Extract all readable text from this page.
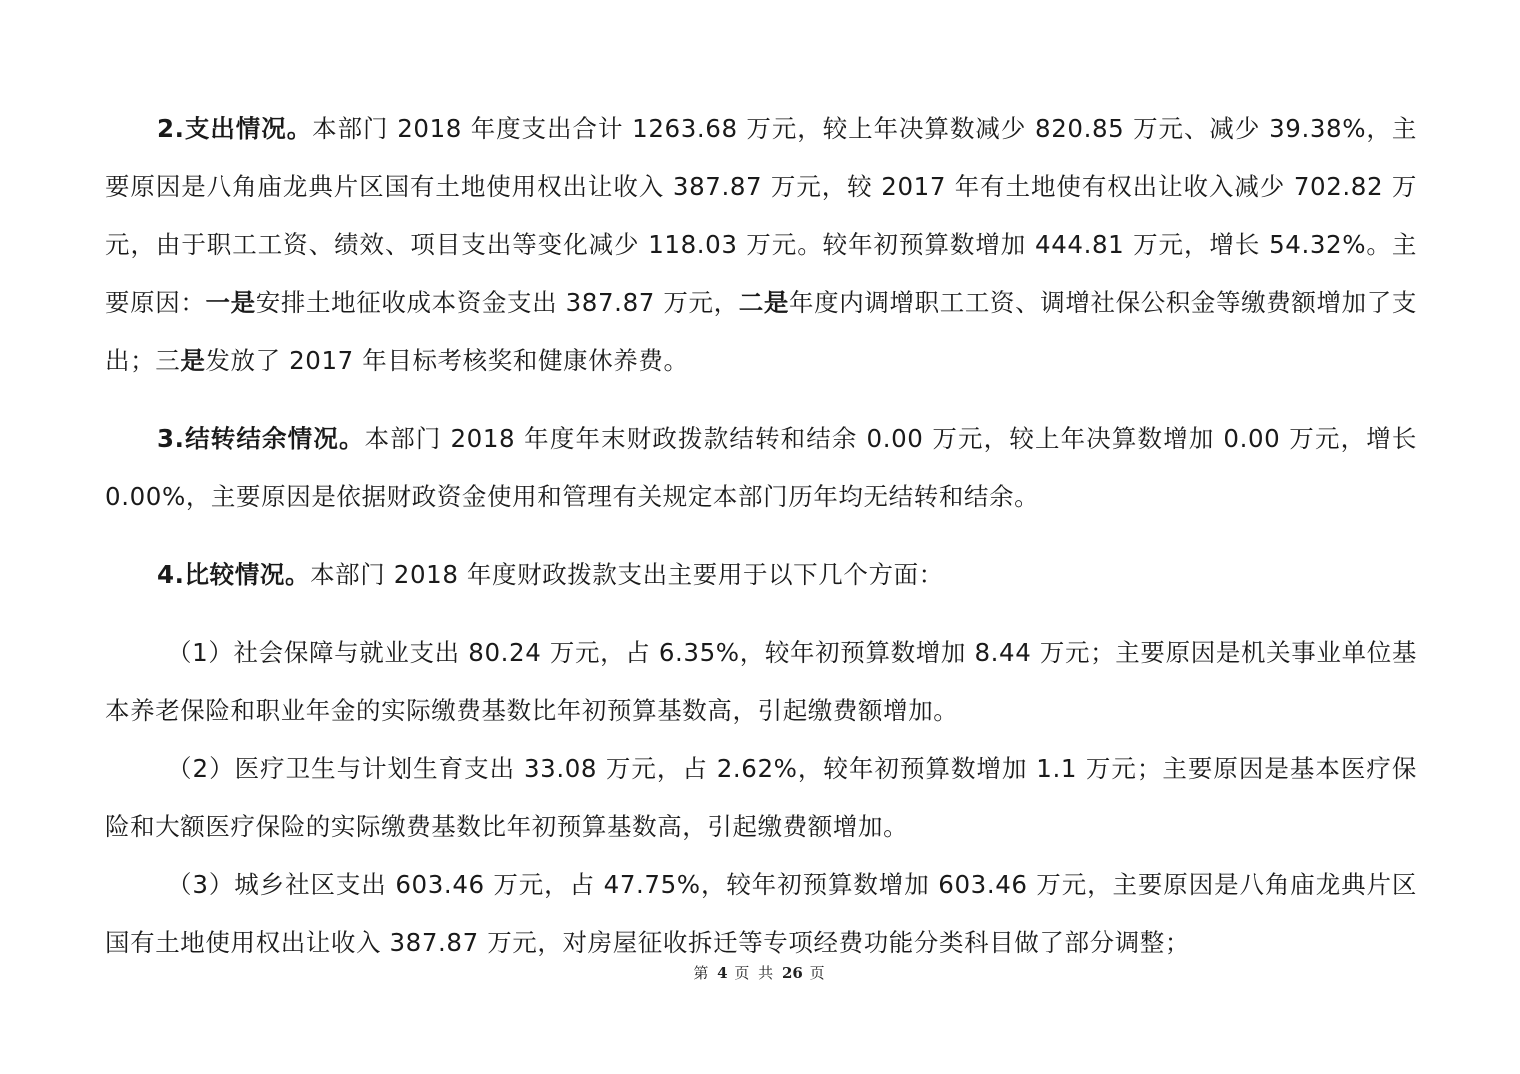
2.支出情况。本部门 2018 年度支出合计 1263.68 万元，较上年决算数减少 820.85 万元、减少 39.38%，主要原因是八角庙龙典片区国有土地使用权出让收入 387.87 万元，较 2017 年有土地使有权出让收入减少 702.82 万元，由于职工工资、绩效、项目支出等变化减少 118.03 万元。较年初预算数增加 444.81 万元，增长 54.32%。主要原因：一是安排土地征收成本资金支出 387.87 万元，二是年度内调增职工工资、调增社保公积金等缴费额增加了支出；三是发放了 2017 年目标考核奖和健康休养费。

3.结转结余情况。本部门 2018 年度年末财政拨款结转和结余 0.00 万元，较上年决算数增加 0.00 万元，增长 0.00%，主要原因是依据财政资金使用和管理有关规定本部门历年均无结转和结余。

4.比较情况。本部门 2018 年度财政拨款支出主要用于以下几个方面：

（1）社会保障与就业支出 80.24 万元，占 6.35%，较年初预算数增加 8.44 万元；主要原因是机关事业单位基本养老保险和职业年金的实际缴费基数比年初预算基数高，引起缴费额增加。

（2）医疗卫生与计划生育支出 33.08 万元，占 2.62%，较年初预算数增加 1.1 万元；主要原因是基本医疗保险和大额医疗保险的实际缴费基数比年初预算基数高，引起缴费额增加。

（3）城乡社区支出 603.46 万元，占 47.75%，较年初预算数增加 603.46 万元，主要原因是八角庙龙典片区国有土地使用权出让收入 387.87 万元，对房屋征收拆迁等专项经费功能分类科目做了部分调整；

第 4 页 共 26 页
